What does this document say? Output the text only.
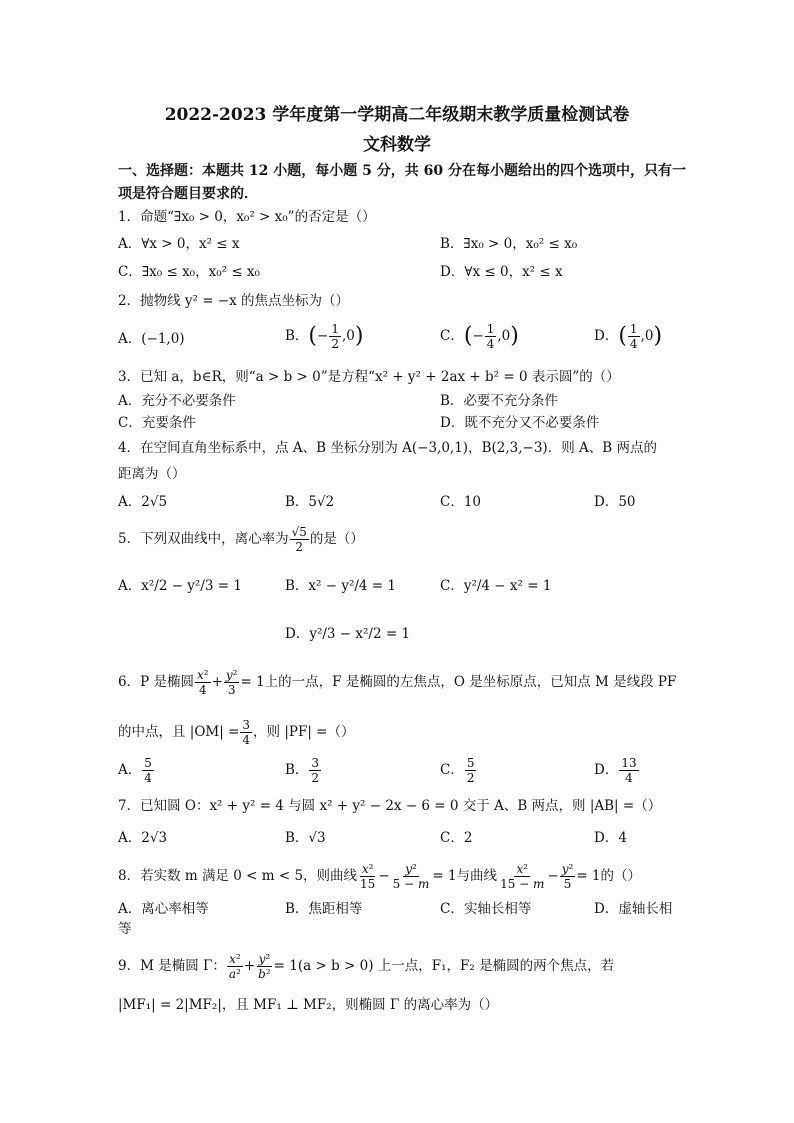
2022-2023 学年度第一学期高二年级期末教学质量检测试卷
文科数学
一、选择题：本题共 12 小题，每小题 5 分，共 60 分在每小题给出的四个选项中，只有一
项是符合题目要求的．
1．命题“∃x₀ > 0，x₀² > x₀”的否定是（）
A．∀x > 0，x² ≤ x	B．∃x₀ > 0，x₀² ≤ x₀
C．∃x₀ ≤ x₀，x₀² ≤ x₀	D．∀x ≤ 0，x² ≤ x
2．抛物线 y² = −x 的焦点坐标为（）
A．(−1,0)	B．(− $\frac{1}{2} ,0$)	C．(− $\frac{1}{4} ,0$)	D．( $\frac{1}{4} ,0$)
3．已知 a，b∈R，则“a > b > 0”是方程“x² + y² + 2ax + b² = 0 表示圆”的（）
A．充分不必要条件	B．必要不充分条件
C．充要条件	D．既不充分又不必要条件
4．在空间直角坐标系中，点 A、B 坐标分别为 A(−3,0,1)，B(2,3,−3)．则 A、B 两点的
距离为（）
A．2√5	B．5√2	C．10	D．50
5．下列双曲线中，离心率为 $\frac{√5}{2}$ 的是（）
A．x²/2 − y²/3 = 1	B．x² − y²/4 = 1	C．y²/4 − x² = 1
D．y²/3 − x²/2 = 1
6．P 是椭圆 $\frac{\text{x²}}{4} + \frac{\text{y²}}{3} = 1$上的一点，F 是椭圆的左焦点，O 是坐标原点，已知点 M 是线段 PF
的中点，且 $|OM| = \frac{3}{4}$ ，则 |PF| =（）
A． $\frac{5}{4}$	B． $\frac{3}{2}$	C． $\frac{5}{2}$	D． $\frac{13}{4}$
7．已知圆 O：x² + y² = 4 与圆 x² + y² − 2x − 6 = 0 交于 A、B 两点，则 |AB| =（）
A．2√3	B．√3	C．2	D．4
8．若实数 m 满足 0 < m < 5，则曲线 $\frac{\text{x²}}{15} - \frac{\text{y²}}{5 - m} = 1$与曲线 $\frac{\text{x²}}{15 - m} - \frac{\text{y²}}{5} = 1$的（）
A．离心率相等	B．焦距相等	C．实轴长相等	D．虚轴长相
等
9．M 是椭圆 Γ： $\frac{\text{x²}}{\text{a²}} + \frac{\text{y²}}{\text{b²}} = 1(a > b > 0)$ 上一点，F₁，F₂ 是椭圆的两个焦点，若
|MF₁| = 2|MF₂|，且 MF₁ ⊥ MF₂，则椭圆 Γ 的离心率为（）
